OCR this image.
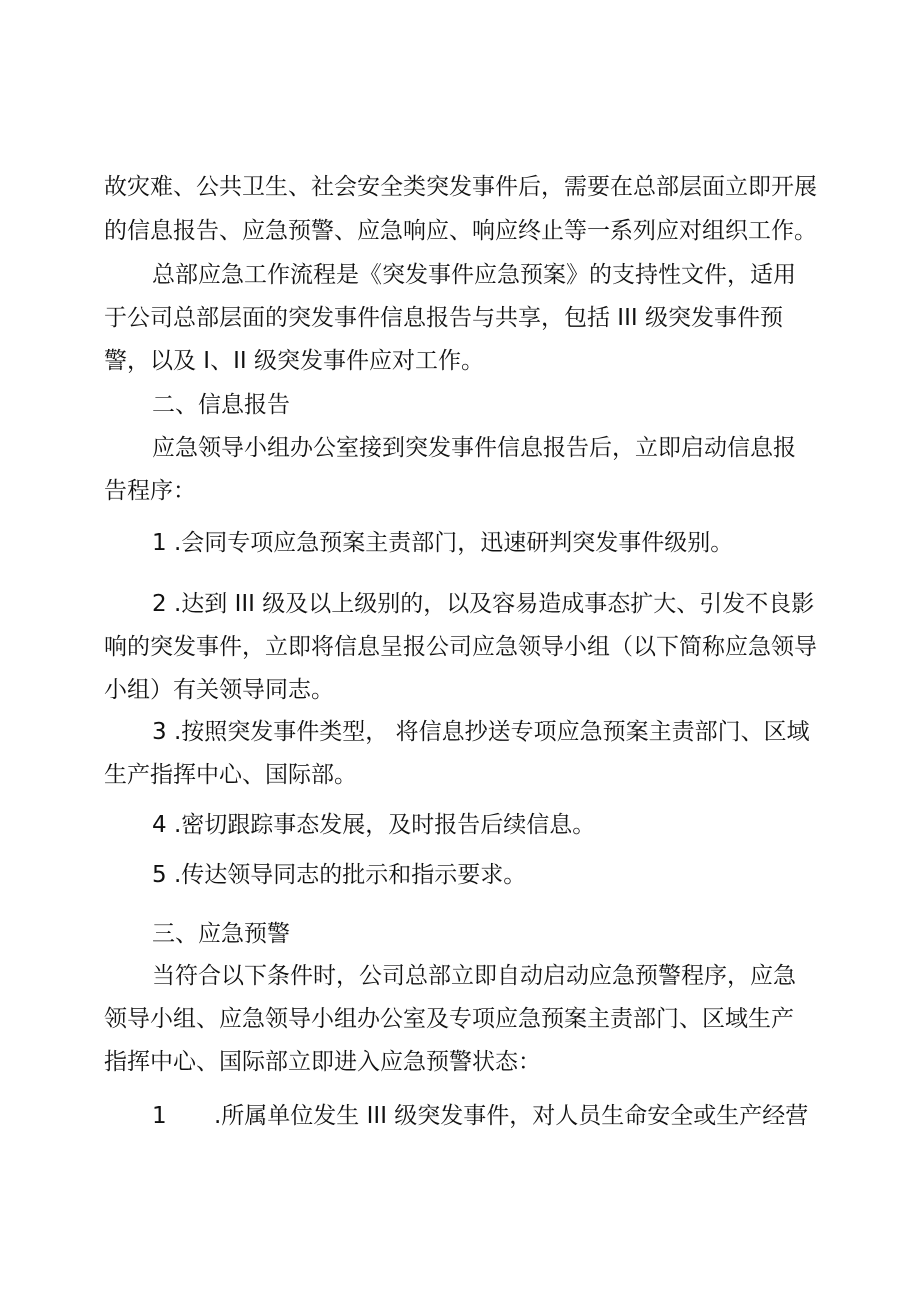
故灾难、公共卫生、社会安全类突发事件后，需要在总部层面立即开展
的信息报告、应急预警、应急响应、响应终止等一系列应对组织工作。
总部应急工作流程是《突发事件应急预案》的支持性文件，适用
于公司总部层面的突发事件信息报告与共享，包括 III 级突发事件预
警，以及 I、II 级突发事件应对工作。
二、信息报告
应急领导小组办公室接到突发事件信息报告后，立即启动信息报
告程序：
1 .会同专项应急预案主责部门，迅速研判突发事件级别。
2 .达到 III 级及以上级别的，以及容易造成事态扩大、引发不良影
响的突发事件，立即将信息呈报公司应急领导小组（以下简称应急领导
小组）有关领导同志。
3 .按照突发事件类型， 将信息抄送专项应急预案主责部门、区域
生产指挥中心、国际部。
4 .密切跟踪事态发展，及时报告后续信息。
5 .传达领导同志的批示和指示要求。
三、应急预警
当符合以下条件时，公司总部立即自动启动应急预警程序，应急
领导小组、应急领导小组办公室及专项应急预案主责部门、区域生产
指挥中心、国际部立即进入应急预警状态：
1 .所属单位发生 III 级突发事件，对人员生命安全或生产经营
